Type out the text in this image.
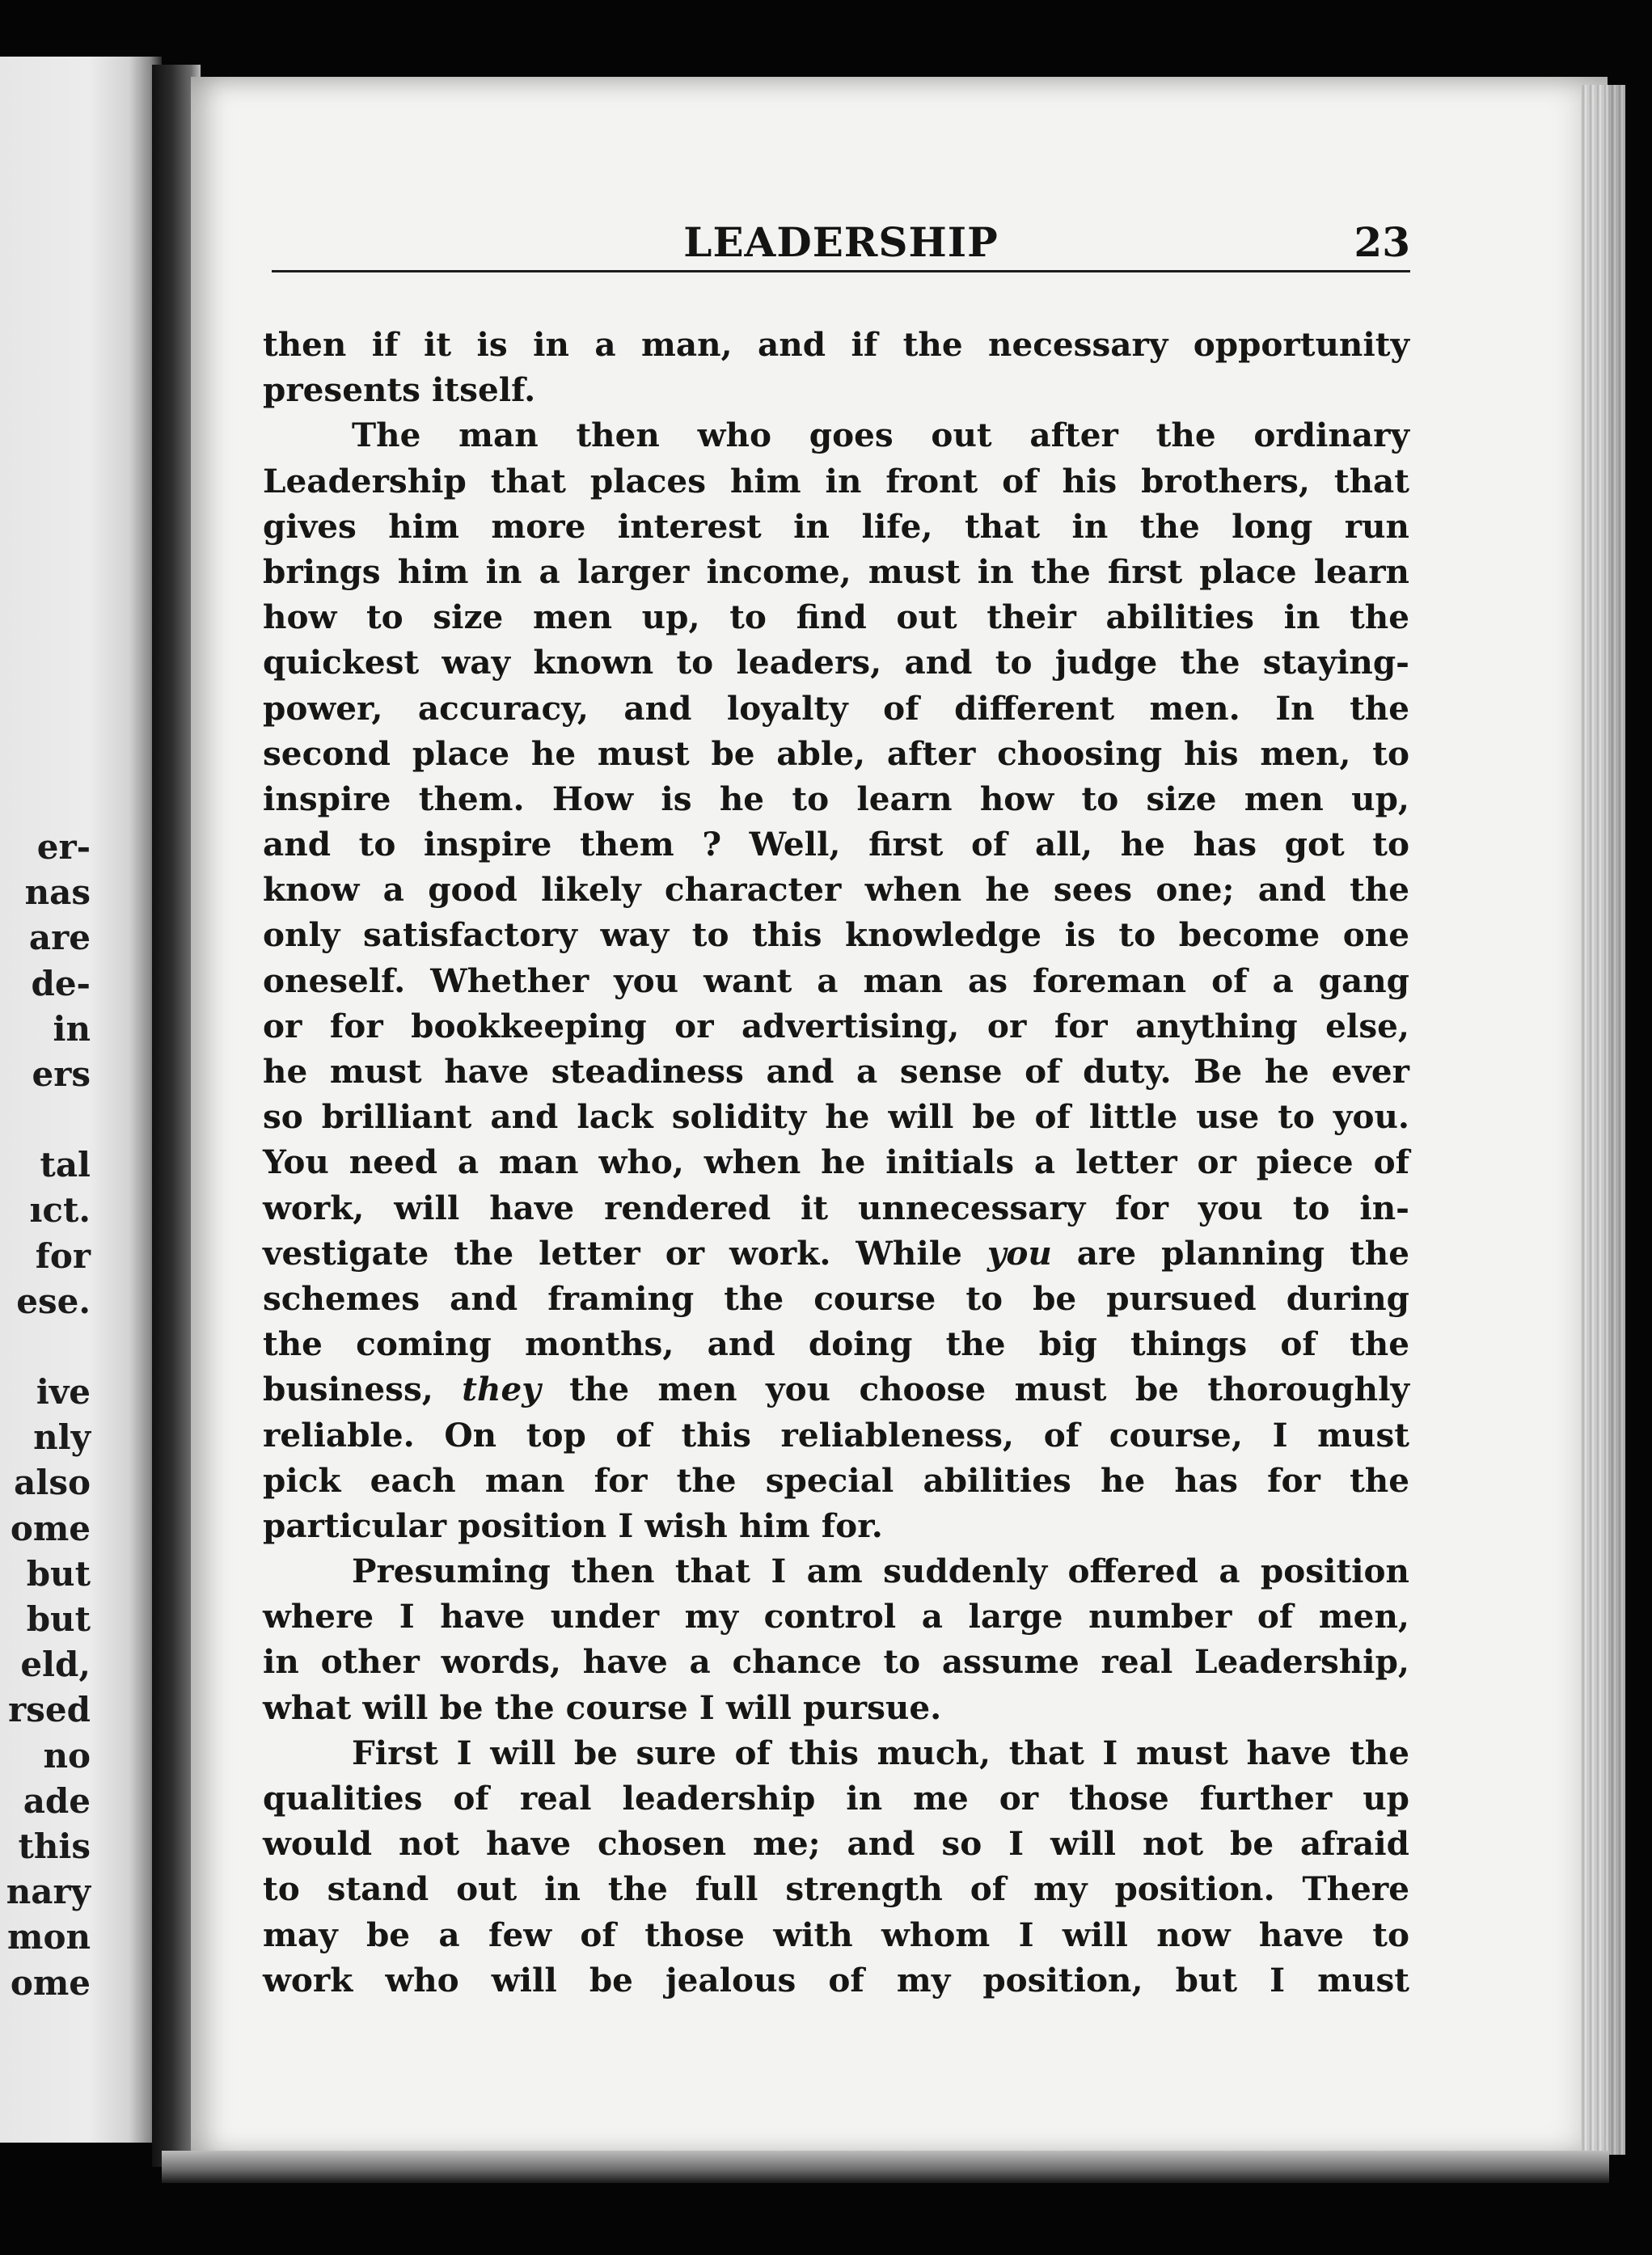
er-
nas
are
de-
in
ers
tal
ıct.
for
ese.
ive
nly
also
ome
but
but
eld,
rsed
no
ade
this
nary
mon
ome
LEADERSHIP	23
then if it is in a man, and if the necessary opportunity
presents itself.
The man then who goes out after the ordinary
Leadership that places him in front of his brothers, that
gives him more interest in life, that in the long run
brings him in a larger income, must in the first place learn
how to size men up, to find out their abilities in the
quickest way known to leaders, and to judge the staying-
power, accuracy, and loyalty of different men. In the
second place he must be able, after choosing his men, to
inspire them. How is he to learn how to size men up,
and to inspire them ? Well, first of all, he has got to
know a good likely character when he sees one; and the
only satisfactory way to this knowledge is to become one
oneself. Whether you want a man as foreman of a gang
or for bookkeeping or advertising, or for anything else,
he must have steadiness and a sense of duty. Be he ever
so brilliant and lack solidity he will be of little use to you.
You need a man who, when he initials a letter or piece of
work, will have rendered it unnecessary for you to in-
vestigate the letter or work. While you are planning the
schemes and framing the course to be pursued during
the coming months, and doing the big things of the
business, they the men you choose must be thoroughly
reliable. On top of this reliableness, of course, I must
pick each man for the special abilities he has for the
particular position I wish him for.
Presuming then that I am suddenly offered a position
where I have under my control a large number of men,
in other words, have a chance to assume real Leadership,
what will be the course I will pursue.
First I will be sure of this much, that I must have the
qualities of real leadership in me or those further up
would not have chosen me; and so I will not be afraid
to stand out in the full strength of my position. There
may be a few of those with whom I will now have to
work who will be jealous of my position, but I must
